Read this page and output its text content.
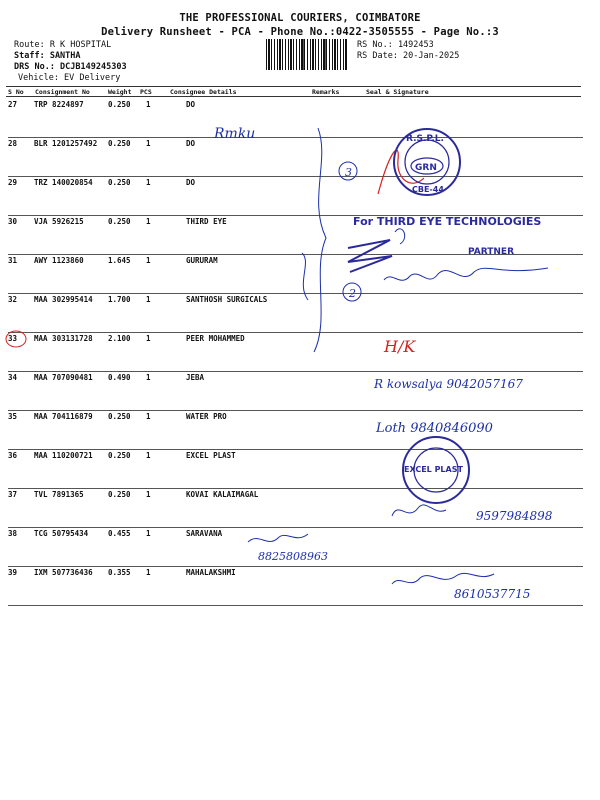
THE PROFESSIONAL COURIERS, COIMBATORE
Delivery Runsheet - PCA - Phone No.:0422-3505555 - Page No.:3
Route: R K HOSPITAL
Staff: SANTHA
DRS No.: DCJB149245303
Vehicle: EV Delivery
RS No.: 1492453
RS Date: 20-Jan-2025
S No Consignment No	Weight PCS	Consignee Details	Remarks	Seal & Signature
27 TRP 8224897	0.250 1	DO
28 BLR 1201257492 0.250 1	DO
29 TRZ 140020854 0.250 1	DO
30 VJA 5926215	0.250 1	THIRD EYE
31 AWY 1123860	1.645 1	GURURAM
32 MAA 302995414 1.700 1	SANTHOSH SURGICALS
33 MAA 303131728 2.100 1	PEER MOHAMMED
34 MAA 707090481 0.490 1	JEBA
35 MAA 704116879 0.250 1	WATER PRO
36 MAA 110200721 0.250 1	EXCEL PLAST
37 TVL 7891365	0.250 1	KOVAI KALAIMAGAL
38 TCG 50795434	0.455 1	SARAVANA
39 IXM 507736436 0.355 1	MAHALAKSHMI
Rmku
3
R.S.P.L.
GRN
CBE-44
For THIRD EYE TECHNOLOGIES
PARTNER
2
H/K
R kowsalya 9042057167
Loth 9840846090
EXCEL PLAST
9597984898
8825808963
8610537715
